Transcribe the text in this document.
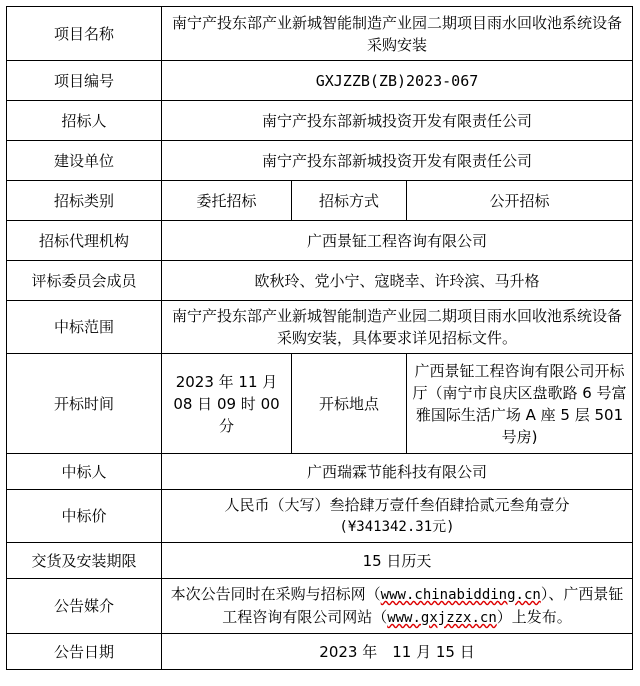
项目名称	南宁产投东部产业新城智能制造产业园二期项目雨水回收池系统设备采购安装		
项目编号	GXJZZB(ZB)2023-067		
招标人	南宁产投东部新城投资开发有限责任公司		
建设单位	南宁产投东部新城投资开发有限责任公司		
招标类别	委托招标	招标方式	公开招标
招标代理机构	广西景钲工程咨询有限公司		
评标委员会成员	欧秋玲、党小宁、寇晓幸、许玲滨、马升格		
中标范围	南宁产投东部产业新城智能制造产业园二期项目雨水回收池系统设备采购安装，具体要求详见招标文件。		
开标时间	2023 年 11 月 08 日 09 时 00 分	开标地点	广西景钲工程咨询有限公司开标厅（南宁市良庆区盘歌路 6 号富雅国际生活广场 A 座 5 层 501 号房)
中标人	广西瑞霖节能科技有限公司		
中标价	人民币（大写）叁拾肆万壹仟叁佰肆拾贰元叁角壹分
(¥341342.31元)		

交货及安装期限	15 日历天		
公告媒介	本次公告同时在采购与招标网（www.chinabidding.cn）、广西景钲工程咨询有限公司网站（www.gxjzzx.cn）上发布。		
公告日期	2023 年　11 月 15 日		
